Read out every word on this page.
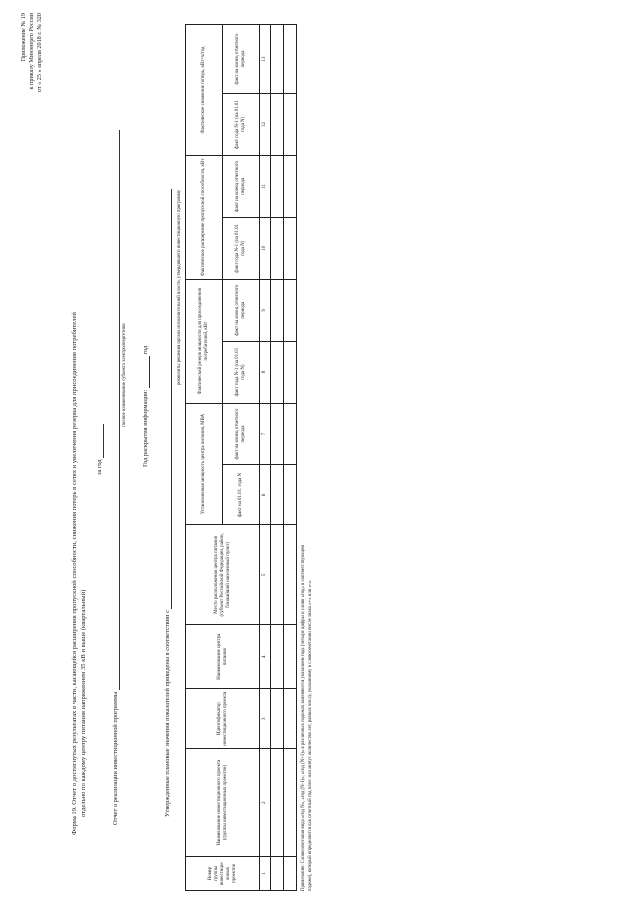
Приложение № 19 к приказу Минэнерго России от « 25 » апреля 2018 г. № 320
Форма 19. Отчет о достигнутых результатах в части, касающейся расширения пропускной способности, снижения потерь в сетях и увеличения резерва для присоединения потребителей отдельно по каждому центру питания напряжением 35 кВ и выше (квартальный)
за год
Отчет о реализации инвестиционной программы
полное наименование субъекта электроэнергетики
Год раскрытия информации:   год
Утвержденные плановые значения показателей приведены в соответствии с
реквизиты решения органа исполнительной власти, утвердившего инвестиционную программу
Номер группы инвестици-онных проектов	Наименование инвестиционного проекта (группы инвестиционных проектов)	Идентификатор инвестиционного проекта	Наименование центра питания	Место расположения центра питания (субъект Российской Федерации, район, ближайший населенный пункт)	Установленная мощность центра питания, МВА		Фактический резерв мощности для присоединения потребителей, кВт		Фактическое расширение пропускной способности, кВт		Фактическое снижение потерь, кВт×ч/год	
					факт на 01.01. года N	факт на конец отчетного периода	факт года N-1 (на 01.01 года N)	факт на конец отчетного периода	факт года N-1 (на 01.01 года N)	факт на конец отчетного периода	факт года N-1 (на 01.01 года N)	факт на конец отчетного периода
1	2	3	4	5	6	7	8	9	10	11	12	13

Примечание: Словосочетания вида «год N», «год (N-1)», «год (N+1)» в различных падежах заменяются указанием года (четыре цифры и слово «год» в соответствующем падеже), который определяется как отчетный год плюс или минус количество лет, равных числу, указанному в словосочетании после знака «+» или «-».
